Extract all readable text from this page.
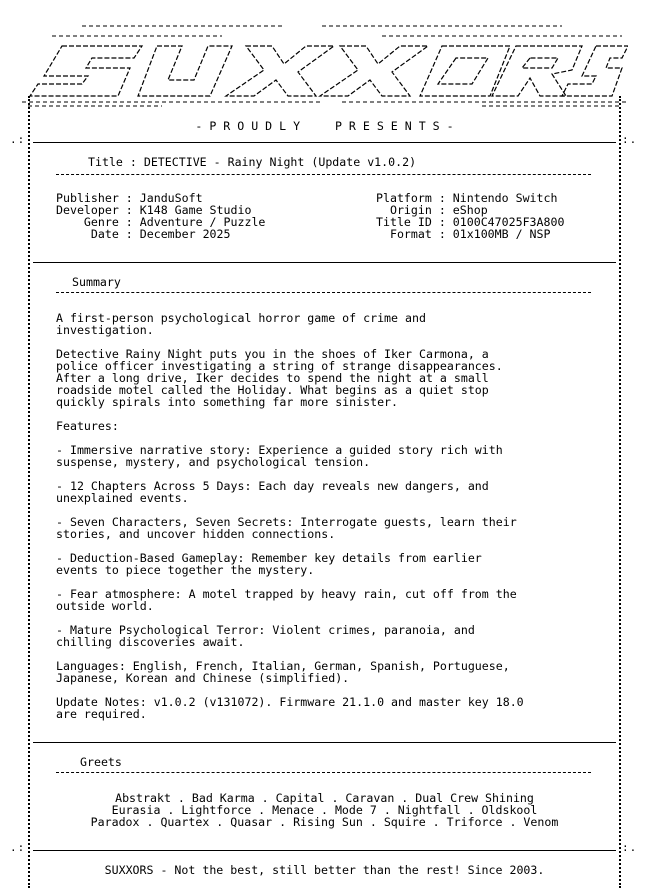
.:	:.
.:	:.
- P R O U D L Y     P R E S E N T S -
Title : DETECTIVE - Rainy Night (Update v1.0.2)
Publisher : JanduSoft
Developer : K148 Game Studio
Genre : Adventure / Puzzle
Date : December 2025
Platform : Nintendo Switch
Origin : eShop
Title ID : 0100C47025F3A800
Format : 01x100MB / NSP
Summary
A first-person psychological horror game of crime and
investigation.
Detective Rainy Night puts you in the shoes of Iker Carmona, a
police officer investigating a string of strange disappearances.
After a long drive, Iker decides to spend the night at a small
roadside motel called the Holiday. What begins as a quiet stop
quickly spirals into something far more sinister.
Features:
- Immersive narrative story: Experience a guided story rich with
suspense, mystery, and psychological tension.
- 12 Chapters Across 5 Days: Each day reveals new dangers, and
unexplained events.
- Seven Characters, Seven Secrets: Interrogate guests, learn their
stories, and uncover hidden connections.
- Deduction-Based Gameplay: Remember key details from earlier
events to piece together the mystery.
- Fear atmosphere: A motel trapped by heavy rain, cut off from the
outside world.
- Mature Psychological Terror: Violent crimes, paranoia, and
chilling discoveries await.
Languages: English, French, Italian, German, Spanish, Portuguese,
Japanese, Korean and Chinese (simplified).
Update Notes: v1.0.2 (v131072). Firmware 21.1.0 and master key 18.0
are required.
Greets
Abstrakt . Bad Karma . Capital . Caravan . Dual Crew Shining
Eurasia . Lightforce . Menace . Mode 7 . Nightfall . Oldskool
Paradox . Quartex . Quasar . Rising Sun . Squire . Triforce . Venom
SUXXORS - Not the best, still better than the rest! Since 2003.
